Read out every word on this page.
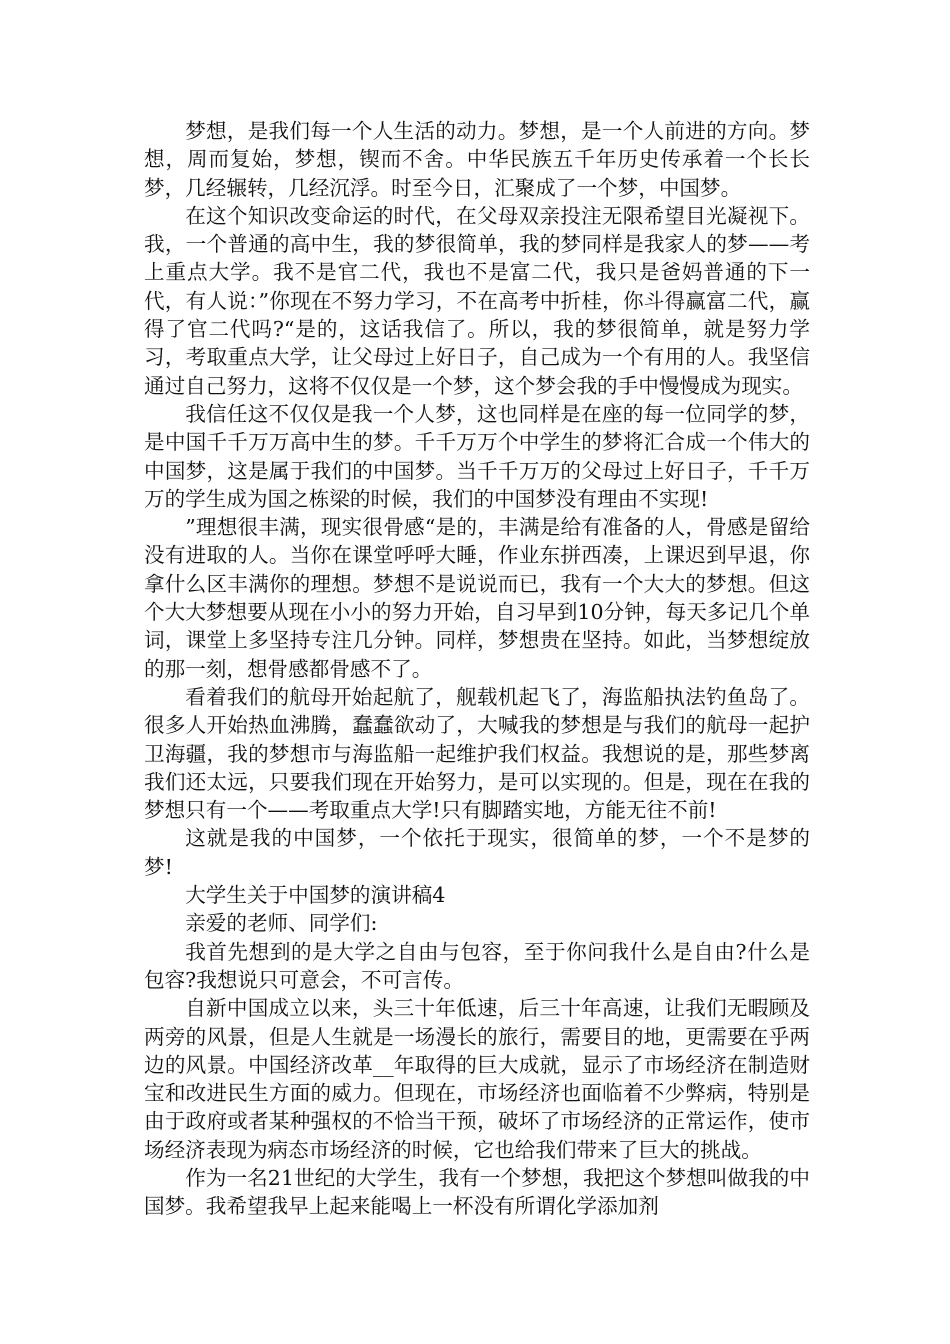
梦想，是我们每一个人生活的动力。梦想，是一个人前进的方向。梦想，周而复始，梦想，锲而不舍。中华民族五千年历史传承着一个长长梦，几经辗转，几经沉浮。时至今日，汇聚成了一个梦，中国梦。

在这个知识改变命运的时代，在父母双亲投注无限希望目光凝视下。我，一个普通的高中生，我的梦很简单，我的梦同样是我家人的梦——考上重点大学。我不是官二代，我也不是富二代，我只是爸妈普通的下一代，有人说：”你现在不努力学习，不在高考中折桂，你斗得赢富二代，赢得了官二代吗?“是的，这话我信了。所以，我的梦很简单，就是努力学习，考取重点大学，让父母过上好日子，自己成为一个有用的人。我坚信通过自己努力，这将不仅仅是一个梦，这个梦会我的手中慢慢成为现实。

我信任这不仅仅是我一个人梦，这也同样是在座的每一位同学的梦，是中国千千万万高中生的梦。千千万万个中学生的梦将汇合成一个伟大的中国梦，这是属于我们的中国梦。当千千万万的父母过上好日子，千千万万的学生成为国之栋梁的时候，我们的中国梦没有理由不实现!

”理想很丰满，现实很骨感“是的，丰满是给有准备的人，骨感是留给没有进取的人。当你在课堂呼呼大睡，作业东拼西凑，上课迟到早退，你拿什么区丰满你的理想。梦想不是说说而已，我有一个大大的梦想。但这个大大梦想要从现在小小的努力开始，自习早到10分钟，每天多记几个单词，课堂上多坚持专注几分钟。同样，梦想贵在坚持。如此，当梦想绽放的那一刻，想骨感都骨感不了。

看着我们的航母开始起航了，舰载机起飞了，海监船执法钓鱼岛了。很多人开始热血沸腾，蠢蠢欲动了，大喊我的梦想是与我们的航母一起护卫海疆，我的梦想市与海监船一起维护我们权益。我想说的是，那些梦离我们还太远，只要我们现在开始努力，是可以实现的。但是，现在在我的梦想只有一个——考取重点大学!只有脚踏实地，方能无往不前!

这就是我的中国梦，一个依托于现实，很简单的梦，一个不是梦的梦!

大学生关于中国梦的演讲稿4

亲爱的老师、同学们:

我首先想到的是大学之自由与包容，至于你问我什么是自由?什么是包容?我想说只可意会，不可言传。

自新中国成立以来，头三十年低速，后三十年高速，让我们无暇顾及两旁的风景，但是人生就是一场漫长的旅行，需要目的地，更需要在乎两边的风景。中国经济改革__年取得的巨大成就，显示了市场经济在制造财宝和改进民生方面的威力。但现在，市场经济也面临着不少弊病，特别是由于政府或者某种强权的不恰当干预，破坏了市场经济的正常运作，使市场经济表现为病态市场经济的时候，它也给我们带来了巨大的挑战。

作为一名21世纪的大学生，我有一个梦想，我把这个梦想叫做我的中国梦。我希望我早上起来能喝上一杯没有所谓化学添加剂
